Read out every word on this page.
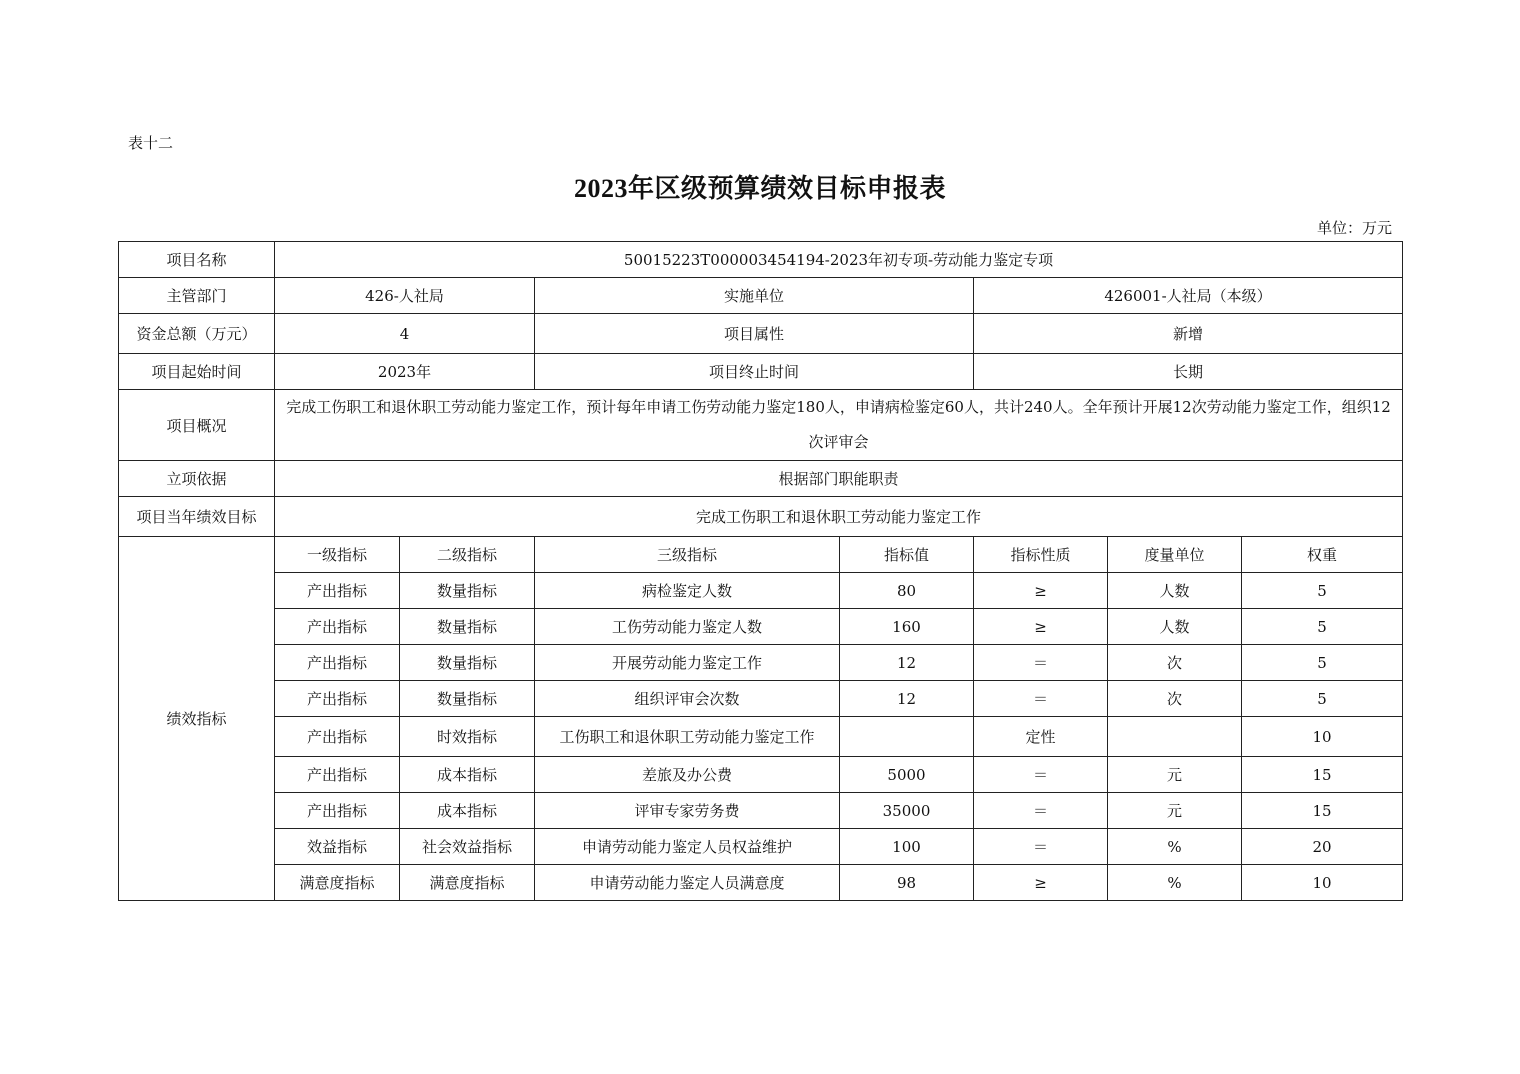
表十二
2023年区级预算绩效目标申报表
单位：万元
项目名称	50015223T000003454194-2023年初专项-劳动能力鉴定专项						
主管部门	426-人社局		实施单位		426001-人社局（本级）		
资金总额（万元）	4		项目属性		新增		
项目起始时间	2023年		项目终止时间		长期		
项目概况	完成工伤职工和退休职工劳动能力鉴定工作，预计每年申请工伤劳动能力鉴定180人，申请病检鉴定60人，共计240人。全年预计开展12次劳动能力鉴定工作，组织12次评审会						
立项依据	根据部门职能职责						
项目当年绩效目标	完成工伤职工和退休职工劳动能力鉴定工作						
绩效指标	一级指标	二级指标	三级指标	指标值	指标性质	度量单位	权重
	产出指标	数量指标	病检鉴定人数	80	≥	人数	5
	产出指标	数量指标	工伤劳动能力鉴定人数	160	≥	人数	5
	产出指标	数量指标	开展劳动能力鉴定工作	12	＝	次	5
	产出指标	数量指标	组织评审会次数	12	＝	次	5
	产出指标	时效指标	工伤职工和退休职工劳动能力鉴定工作		定性		10
	产出指标	成本指标	差旅及办公费	5000	＝	元	15
	产出指标	成本指标	评审专家劳务费	35000	＝	元	15
	效益指标	社会效益指标	申请劳动能力鉴定人员权益维护	100	＝	%	20
	满意度指标	满意度指标	申请劳动能力鉴定人员满意度	98	≥	%	10
